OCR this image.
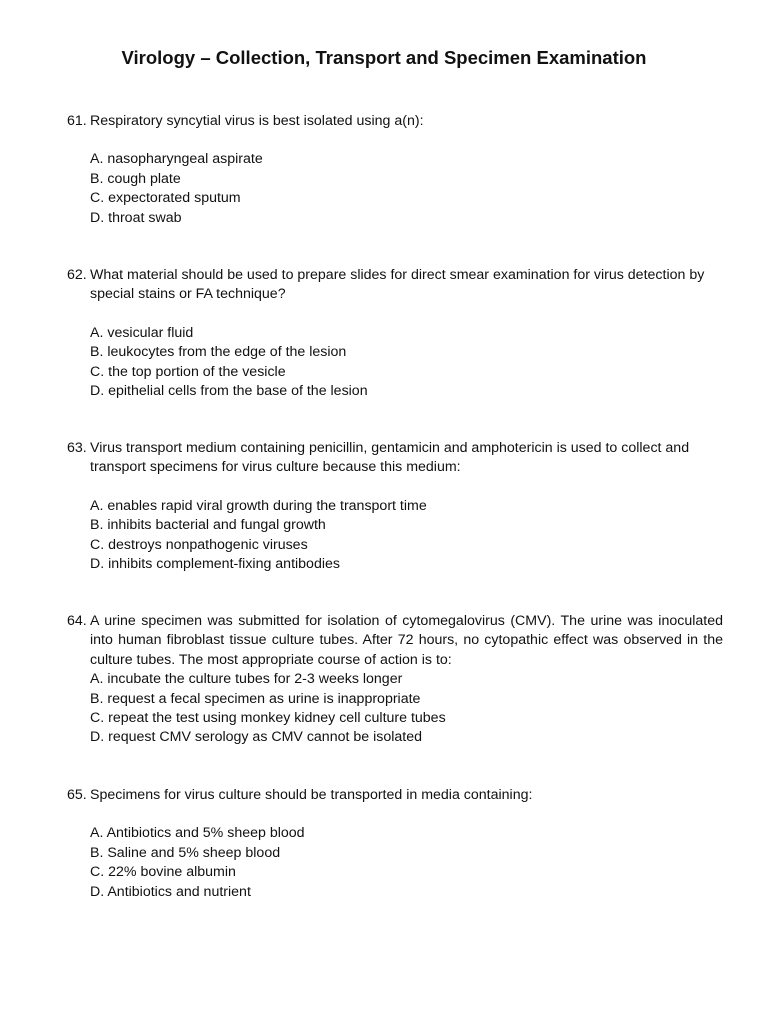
Virology – Collection, Transport and Specimen Examination
61. Respiratory syncytial virus is best isolated using a(n):

A. nasopharyngeal aspirate
B. cough plate
C. expectorated sputum
D. throat swab
62. What material should be used to prepare slides for direct smear examination for virus detection by special stains or FA technique?

A. vesicular fluid
B. leukocytes from the edge of the lesion
C. the top portion of the vesicle
D. epithelial cells from the base of the lesion
63. Virus transport medium containing penicillin, gentamicin and amphotericin is used to collect and transport specimens for virus culture because this medium:

A. enables rapid viral growth during the transport time
B. inhibits bacterial and fungal growth
C. destroys nonpathogenic viruses
D. inhibits complement-fixing antibodies
64. A urine specimen was submitted for isolation of cytomegalovirus (CMV). The urine was inoculated into human fibroblast tissue culture tubes. After 72 hours, no cytopathic effect was observed in the culture tubes. The most appropriate course of action is to:

A. incubate the culture tubes for 2-3 weeks longer
B. request a fecal specimen as urine is inappropriate
C. repeat the test using monkey kidney cell culture tubes
D. request CMV serology as CMV cannot be isolated
65. Specimens for virus culture should be transported in media containing:

A. Antibiotics and 5% sheep blood
B. Saline and 5% sheep blood
C. 22% bovine albumin
D. Antibiotics and nutrient
